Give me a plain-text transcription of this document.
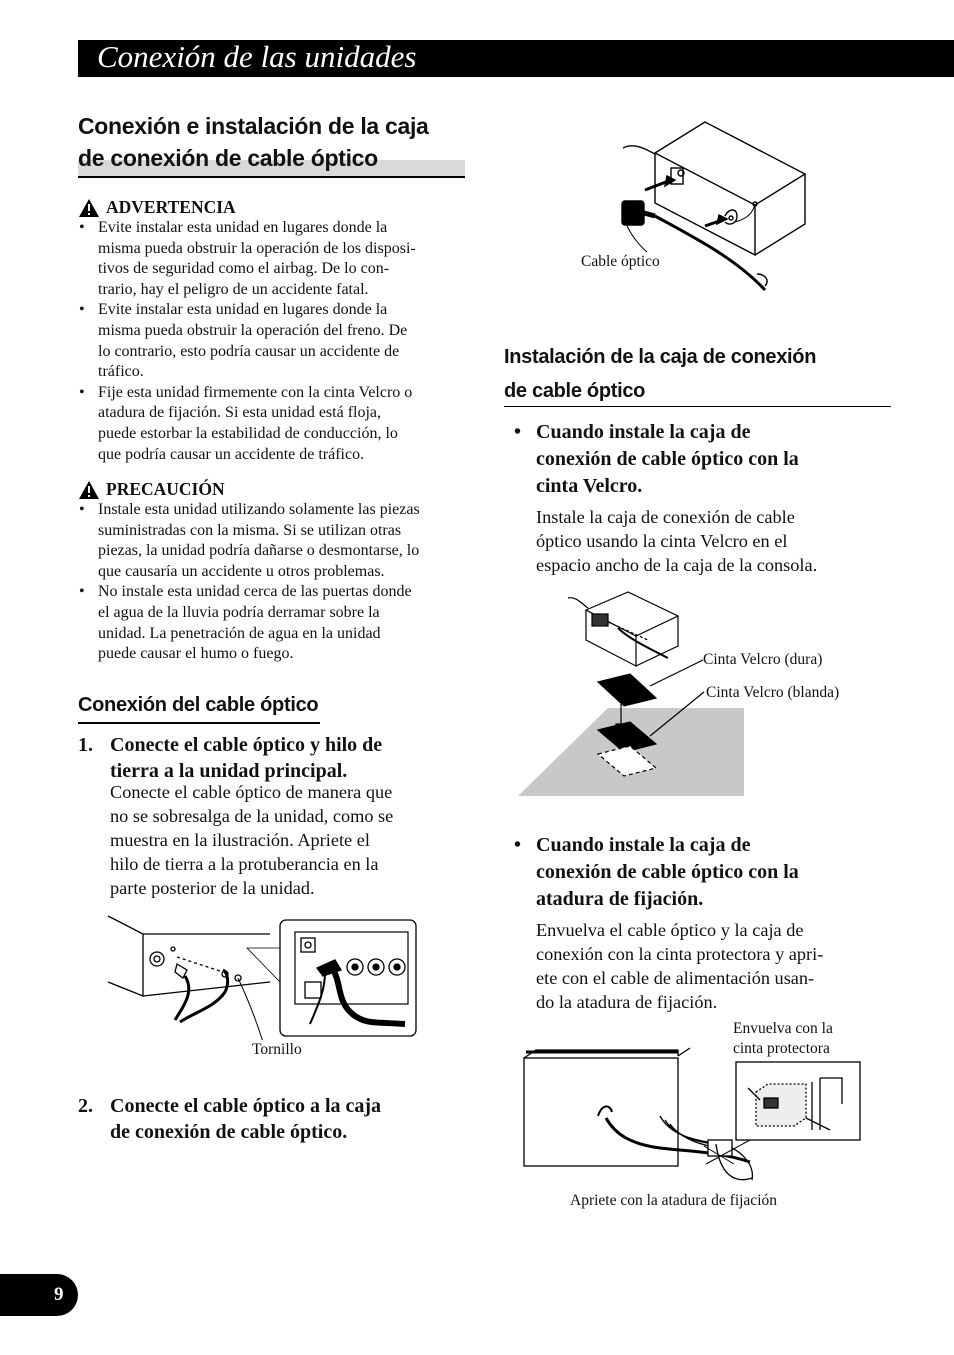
Conexión de las unidades
Conexión e instalación de la caja
de conexión de cable óptico
ADVERTENCIA
• Evite instalar esta unidad en lugares donde la
misma pueda obstruir la operación de los disposi-
tivos de seguridad como el airbag. De lo con-
trario, hay el peligro de un accidente fatal.
• Evite instalar esta unidad en lugares donde la
misma pueda obstruir la operación del freno. De
lo contrario, esto podría causar un accidente de
tráfico.
• Fije esta unidad firmemente con la cinta Velcro o
atadura de fijación. Si esta unidad está floja,
puede estorbar la estabilidad de conducción, lo
que podría causar un accidente de tráfico.
PRECAUCIÓN
• Instale esta unidad utilizando solamente las piezas
suministradas con la misma. Si se utilizan otras
piezas, la unidad podría dañarse o desmontarse, lo
que causaría un accidente u otros problemas.
• No instale esta unidad cerca de las puertas donde
el agua de la lluvia podría derramar sobre la
unidad. La penetración de agua en la unidad
puede causar el humo o fuego.
Conexión del cable óptico
1. Conecte el cable óptico y hilo de
tierra a la unidad principal.
Conecte el cable óptico de manera que
no se sobresalga de la unidad, como se
muestra en la ilustración. Apriete el
hilo de tierra a la protuberancia en la
parte posterior de la unidad.
Tornillo
2. Conecte el cable óptico a la caja
de conexión de cable óptico.
Cable óptico
Instalación de la caja de conexión
de cable óptico
• Cuando instale la caja de
conexión de cable óptico con la
cinta Velcro.
Instale la caja de conexión de cable
óptico usando la cinta Velcro en el
espacio ancho de la caja de la consola.
Cinta Velcro (dura)
Cinta Velcro (blanda)
• Cuando instale la caja de
conexión de cable óptico con la
atadura de fijación.
Envuelva el cable óptico y la caja de
conexión con la cinta protectora y apri-
ete con el cable de alimentación usan-
do la atadura de fijación.
Envuelva con la
cinta protectora
Apriete con la atadura de fijación
9
